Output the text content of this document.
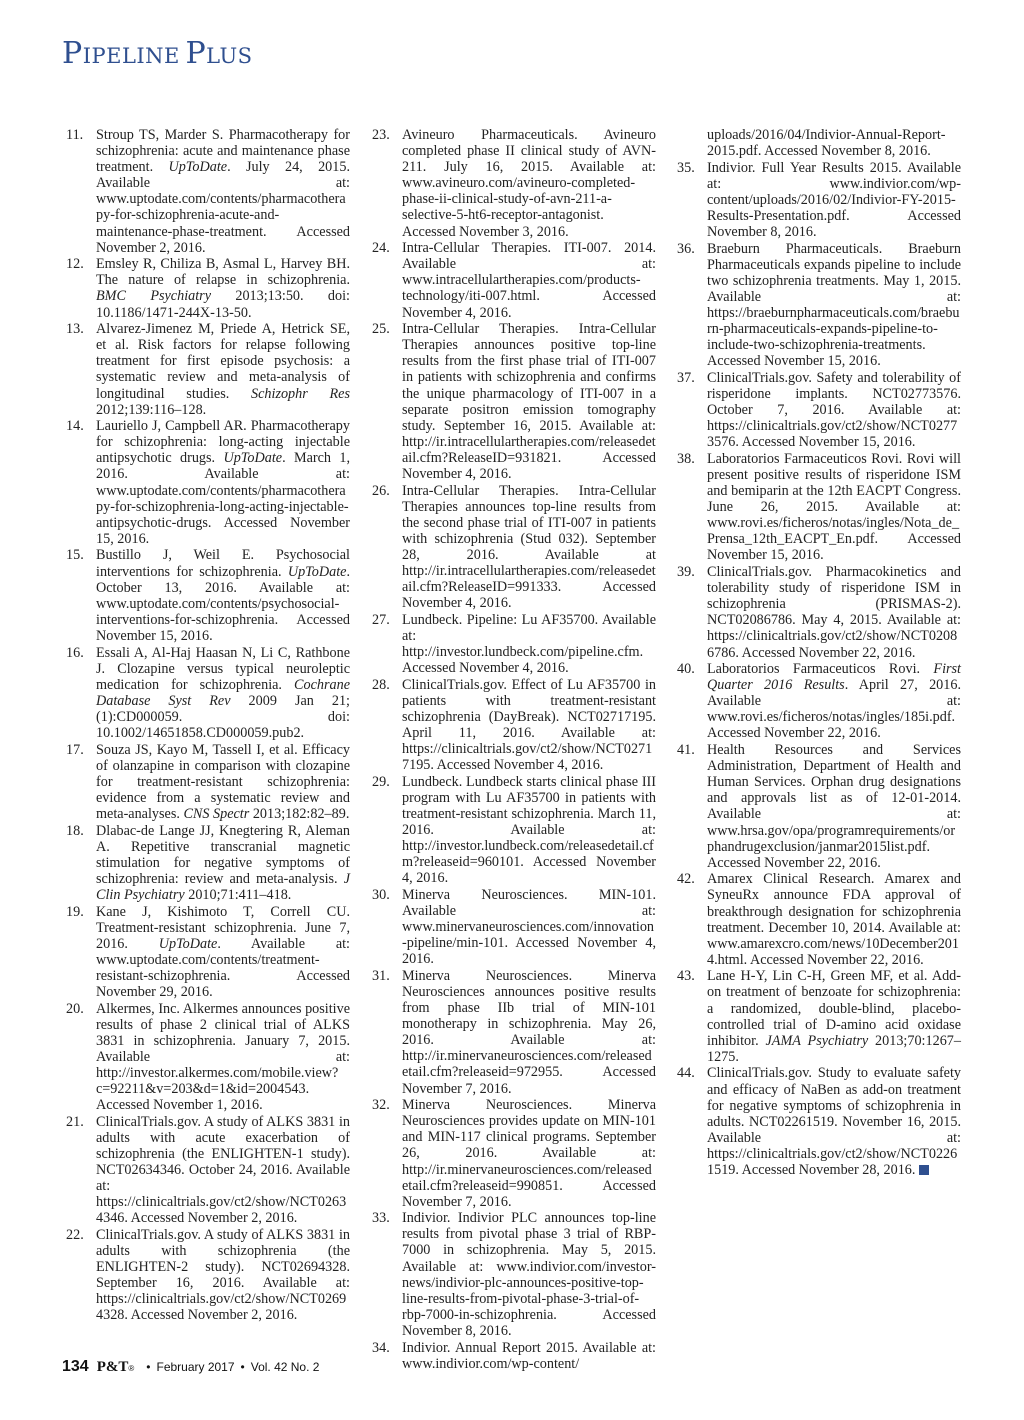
PIPELINE PLUS
11. Stroup TS, Marder S. Pharmacotherapy for schizophrenia: acute and maintenance phase treatment. UpToDate. July 24, 2015. Available at: www.uptodate.com/contents/pharmacotherapy-for-schizophrenia-acute-and-maintenance-phase-treatment. Accessed November 2, 2016.
12. Emsley R, Chiliza B, Asmal L, Harvey BH. The nature of relapse in schizophrenia. BMC Psychiatry 2013;13:50. doi: 10.1186/1471-244X-13-50.
13. Alvarez-Jimenez M, Priede A, Hetrick SE, et al. Risk factors for relapse following treatment for first episode psychosis: a systematic review and meta-analysis of longitudinal studies. Schizophr Res 2012;139:116–128.
14. Lauriello J, Campbell AR. Pharmacotherapy for schizophrenia: long-acting injectable antipsychotic drugs. UpToDate. March 1, 2016. Available at: www.uptodate.com/contents/pharmacotherapy-for-schizophrenia-long-acting-injectable-antipsychotic-drugs. Accessed November 15, 2016.
15. Bustillo J, Weil E. Psychosocial interventions for schizophrenia. UpToDate. October 13, 2016. Available at: www.uptodate.com/contents/psychosocial-interventions-for-schizophrenia. Accessed November 15, 2016.
16. Essali A, Al-Haj Haasan N, Li C, Rathbone J. Clozapine versus typical neuroleptic medication for schizophrenia. Cochrane Database Syst Rev 2009 Jan 21;(1):CD000059. doi: 10.1002/14651858.CD000059.pub2.
17. Souza JS, Kayo M, Tassell I, et al. Efficacy of olanzapine in comparison with clozapine for treatment-resistant schizophrenia: evidence from a systematic review and meta-analyses. CNS Spectr 2013;182:82–89.
18. Dlabac-de Lange JJ, Knegtering R, Aleman A. Repetitive transcranial magnetic stimulation for negative symptoms of schizophrenia: review and meta-analysis. J Clin Psychiatry 2010;71:411–418.
19. Kane J, Kishimoto T, Correll CU. Treatment-resistant schizophrenia. June 7, 2016. UpToDate. Available at: www.uptodate.com/contents/treatment-resistant-schizophrenia. Accessed November 29, 2016.
20. Alkermes, Inc. Alkermes announces positive results of phase 2 clinical trial of ALKS 3831 in schizophrenia. January 7, 2015. Available at: http://investor.alkermes.com/mobile.view?c=92211&v=203&d=1&id=2004543. Accessed November 1, 2016.
21. ClinicalTrials.gov. A study of ALKS 3831 in adults with acute exacerbation of schizophrenia (the ENLIGHTEN-1 study). NCT02634346. October 24, 2016. Available at: https://clinicaltrials.gov/ct2/show/NCT02634346. Accessed November 2, 2016.
22. ClinicalTrials.gov. A study of ALKS 3831 in adults with schizophrenia (the ENLIGHTEN-2 study). NCT02694328. September 16, 2016. Available at: https://clinicaltrials.gov/ct2/show/NCT02694328. Accessed November 2, 2016.
23. Avineuro Pharmaceuticals. Avineuro completed phase II clinical study of AVN-211. July 16, 2015. Available at: www.avineuro.com/avineuro-completed-phase-ii-clinical-study-of-avn-211-a-selective-5-ht6-receptor-antagonist. Accessed November 3, 2016.
24. Intra-Cellular Therapies. ITI-007. 2014. Available at: www.intracellulartherapies.com/products-technology/iti-007.html. Accessed November 4, 2016.
25. Intra-Cellular Therapies. Intra-Cellular Therapies announces positive top-line results from the first phase trial of ITI-007 in patients with schizophrenia and confirms the unique pharmacology of ITI-007 in a separate positron emission tomography study. September 16, 2015. Available at: http://ir.intracellulartherapies.com/releasedetail.cfm?ReleaseID=931821. Accessed November 4, 2016.
26. Intra-Cellular Therapies. Intra-Cellular Therapies announces top-line results from the second phase trial of ITI-007 in patients with schizophrenia (Stud 032). September 28, 2016. Available at http://ir.intracellulartherapies.com/releasedetail.cfm?ReleaseID=991333. Accessed November 4, 2016.
27. Lundbeck. Pipeline: Lu AF35700. Available at: http://investor.lundbeck.com/pipeline.cfm. Accessed November 4, 2016.
28. ClinicalTrials.gov. Effect of Lu AF35700 in patients with treatment-resistant schizophrenia (DayBreak). NCT02717195. April 11, 2016. Available at: https://clinicaltrials.gov/ct2/show/NCT02717195. Accessed November 4, 2016.
29. Lundbeck. Lundbeck starts clinical phase III program with Lu AF35700 in patients with treatment-resistant schizophrenia. March 11, 2016. Available at: http://investor.lundbeck.com/releasedetail.cfm?releaseid=960101. Accessed November 4, 2016.
30. Minerva Neurosciences. MIN-101. Available at: www.minervaneurosciences.com/innovation-pipeline/min-101. Accessed November 4, 2016.
31. Minerva Neurosciences. Minerva Neurosciences announces positive results from phase IIb trial of MIN-101 monotherapy in schizophrenia. May 26, 2016. Available at: http://ir.minervaneurosciences.com/releasedetail.cfm?releaseid=972955. Accessed November 7, 2016.
32. Minerva Neurosciences. Minerva Neurosciences provides update on MIN-101 and MIN-117 clinical programs. September 26, 2016. Available at: http://ir.minervaneurosciences.com/releasedetail.cfm?releaseid=990851. Accessed November 7, 2016.
33. Indivior. Indivior PLC announces top-line results from pivotal phase 3 trial of RBP-7000 in schizophrenia. May 5, 2015. Available at: www.indivior.com/investor-news/indivior-plc-announces-positive-top-line-results-from-pivotal-phase-3-trial-of-rbp-7000-in-schizophrenia. Accessed November 8, 2016.
34. Indivior. Annual Report 2015. Available at: www.indivior.com/wp-content/
uploads/2016/04/Indivior-Annual-Report-2015.pdf. Accessed November 8, 2016.
35. Indivior. Full Year Results 2015. Available at: www.indivior.com/wp-content/uploads/2016/02/Indivior-FY-2015-Results-Presentation.pdf. Accessed November 8, 2016.
36. Braeburn Pharmaceuticals. Braeburn Pharmaceuticals expands pipeline to include two schizophrenia treatments. May 1, 2015. Available at: https://braeburnpharmaceuticals.com/braeburn-pharmaceuticals-expands-pipeline-to-include-two-schizophrenia-treatments. Accessed November 15, 2016.
37. ClinicalTrials.gov. Safety and tolerability of risperidone implants. NCT02773576. October 7, 2016. Available at: https://clinicaltrials.gov/ct2/show/NCT02773576. Accessed November 15, 2016.
38. Laboratorios Farmaceuticos Rovi. Rovi will present positive results of risperidone ISM and bemiparin at the 12th EACPT Congress. June 26, 2015. Available at: www.rovi.es/ficheros/notas/ingles/Nota_de_Prensa_12th_EACPT_En.pdf. Accessed November 15, 2016.
39. ClinicalTrials.gov. Pharmacokinetics and tolerability study of risperidone ISM in schizophrenia (PRISMAS-2). NCT02086786. May 4, 2015. Available at: https://clinicaltrials.gov/ct2/show/NCT02086786. Accessed November 22, 2016.
40. Laboratorios Farmaceuticos Rovi. First Quarter 2016 Results. April 27, 2016. Available at: www.rovi.es/ficheros/notas/ingles/185i.pdf. Accessed November 22, 2016.
41. Health Resources and Services Administration, Department of Health and Human Services. Orphan drug designations and approvals list as of 12-01-2014. Available at: www.hrsa.gov/opa/programrequirements/orphandrugexclusion/janmar2015list.pdf. Accessed November 22, 2016.
42. Amarex Clinical Research. Amarex and SyneuRx announce FDA approval of breakthrough designation for schizophrenia treatment. December 10, 2014. Available at: www.amarexcro.com/news/10December2014.html. Accessed November 22, 2016.
43. Lane H-Y, Lin C-H, Green MF, et al. Add-on treatment of benzoate for schizophrenia: a randomized, double-blind, placebo-controlled trial of D-amino acid oxidase inhibitor. JAMA Psychiatry 2013;70:1267–1275.
44. ClinicalTrials.gov. Study to evaluate safety and efficacy of NaBen as add-on treatment for negative symptoms of schizophrenia in adults. NCT02261519. November 16, 2015. Available at: https://clinicaltrials.gov/ct2/show/NCT02261519. Accessed November 28, 2016.
134 P&T ® • February 2017 • Vol. 42 No. 2
